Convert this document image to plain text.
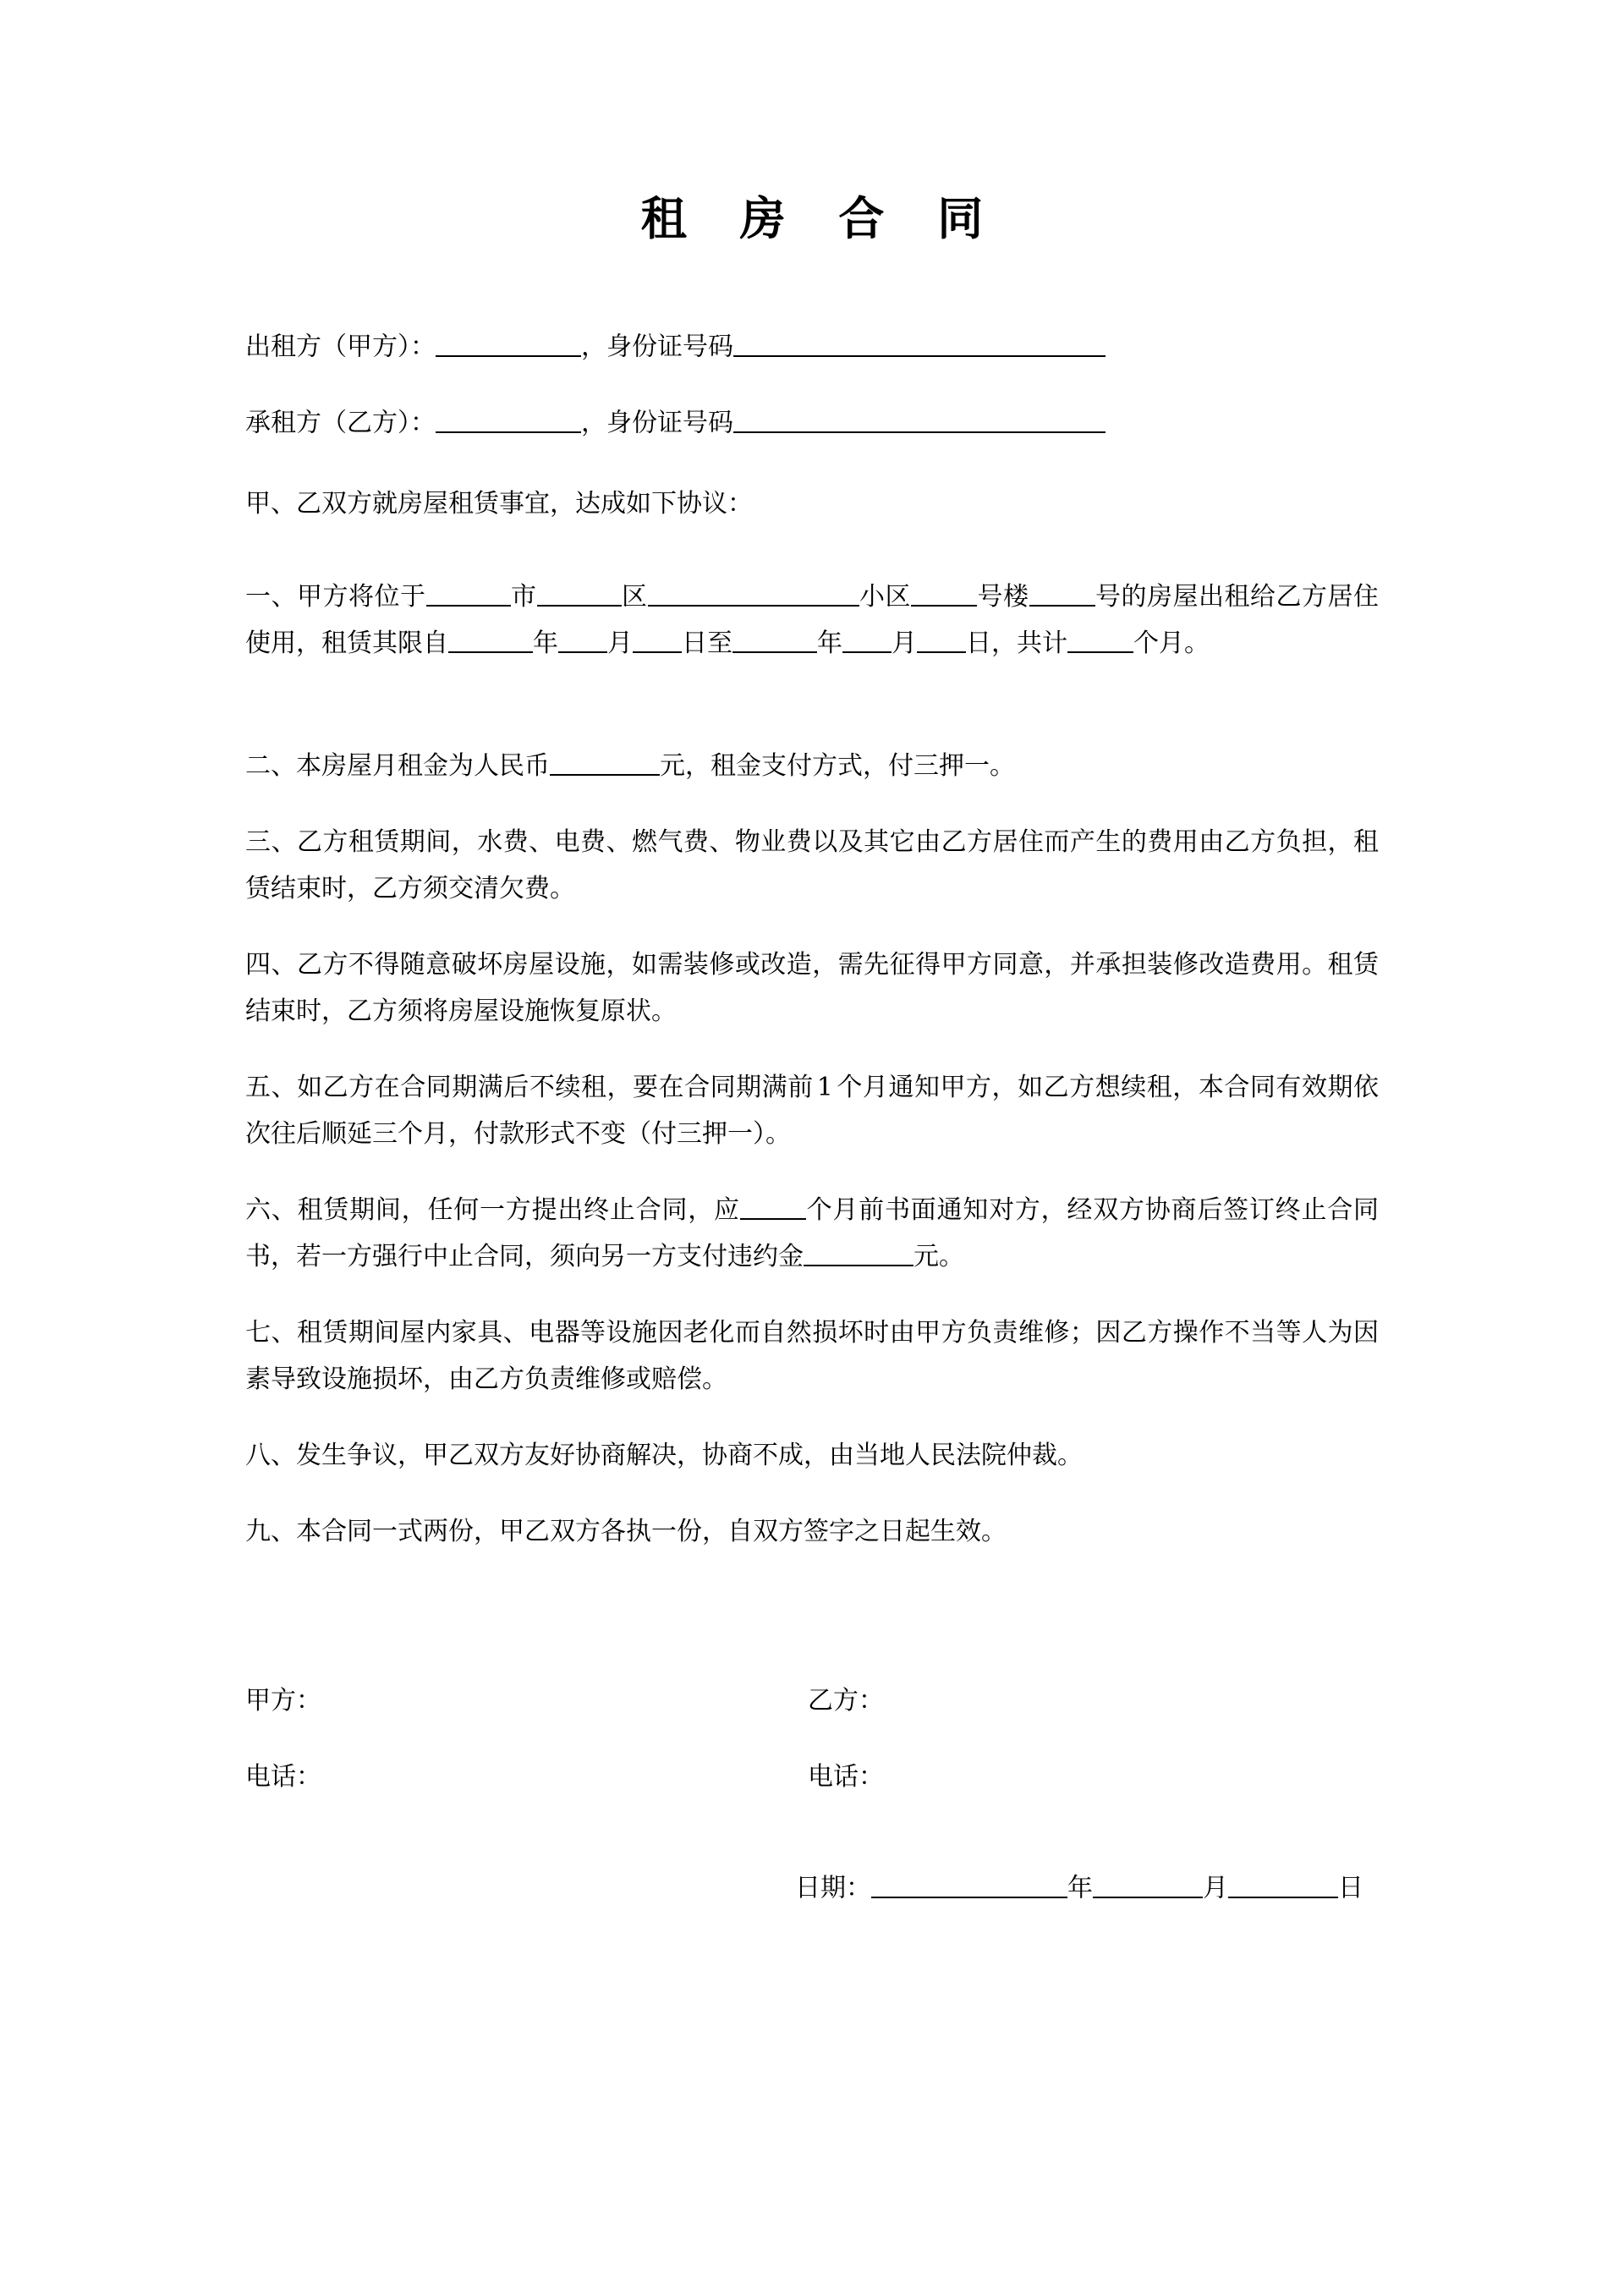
租 房 合 同
出租方（甲方）：	，身份证号码
承租方（乙方）：	，身份证号码
甲、乙双方就房屋租赁事宜，达成如下协议：
一、甲方将位于	市	区	小区	号楼	号的房屋出租给乙方居住使用，租赁其限自	年 月 日至	年 月 日，共计	个月。
二、本房屋月租金为人民币	元，租金支付方式，付三押一。
三、乙方租赁期间，水费、电费、燃气费、物业费以及其它由乙方居住而产生的费用由乙方负担，租赁结束时，乙方须交清欠费。
四、乙方不得随意破坏房屋设施，如需装修或改造，需先征得甲方同意，并承担装修改造费用。租赁结束时，乙方须将房屋设施恢复原状。
五、如乙方在合同期满后不续租，要在合同期满前 1 个月通知甲方，如乙方想续租，本合同有效期依次往后顺延三个月，付款形式不变（付三押一）。
六、租赁期间，任何一方提出终止合同，应	个月前书面通知对方，经双方协商后签订终止合同书，若一方强行中止合同，须向另一方支付违约金	元。
七、租赁期间屋内家具、电器等设施因老化而自然损坏时由甲方负责维修；因乙方操作不当等人为因素导致设施损坏，由乙方负责维修或赔偿。
八、发生争议，甲乙双方友好协商解决，协商不成，由当地人民法院仲裁。
九、本合同一式两份，甲乙双方各执一份，自双方签字之日起生效。
甲方：	乙方：
电话：	电话：
日期：	年	月	日
